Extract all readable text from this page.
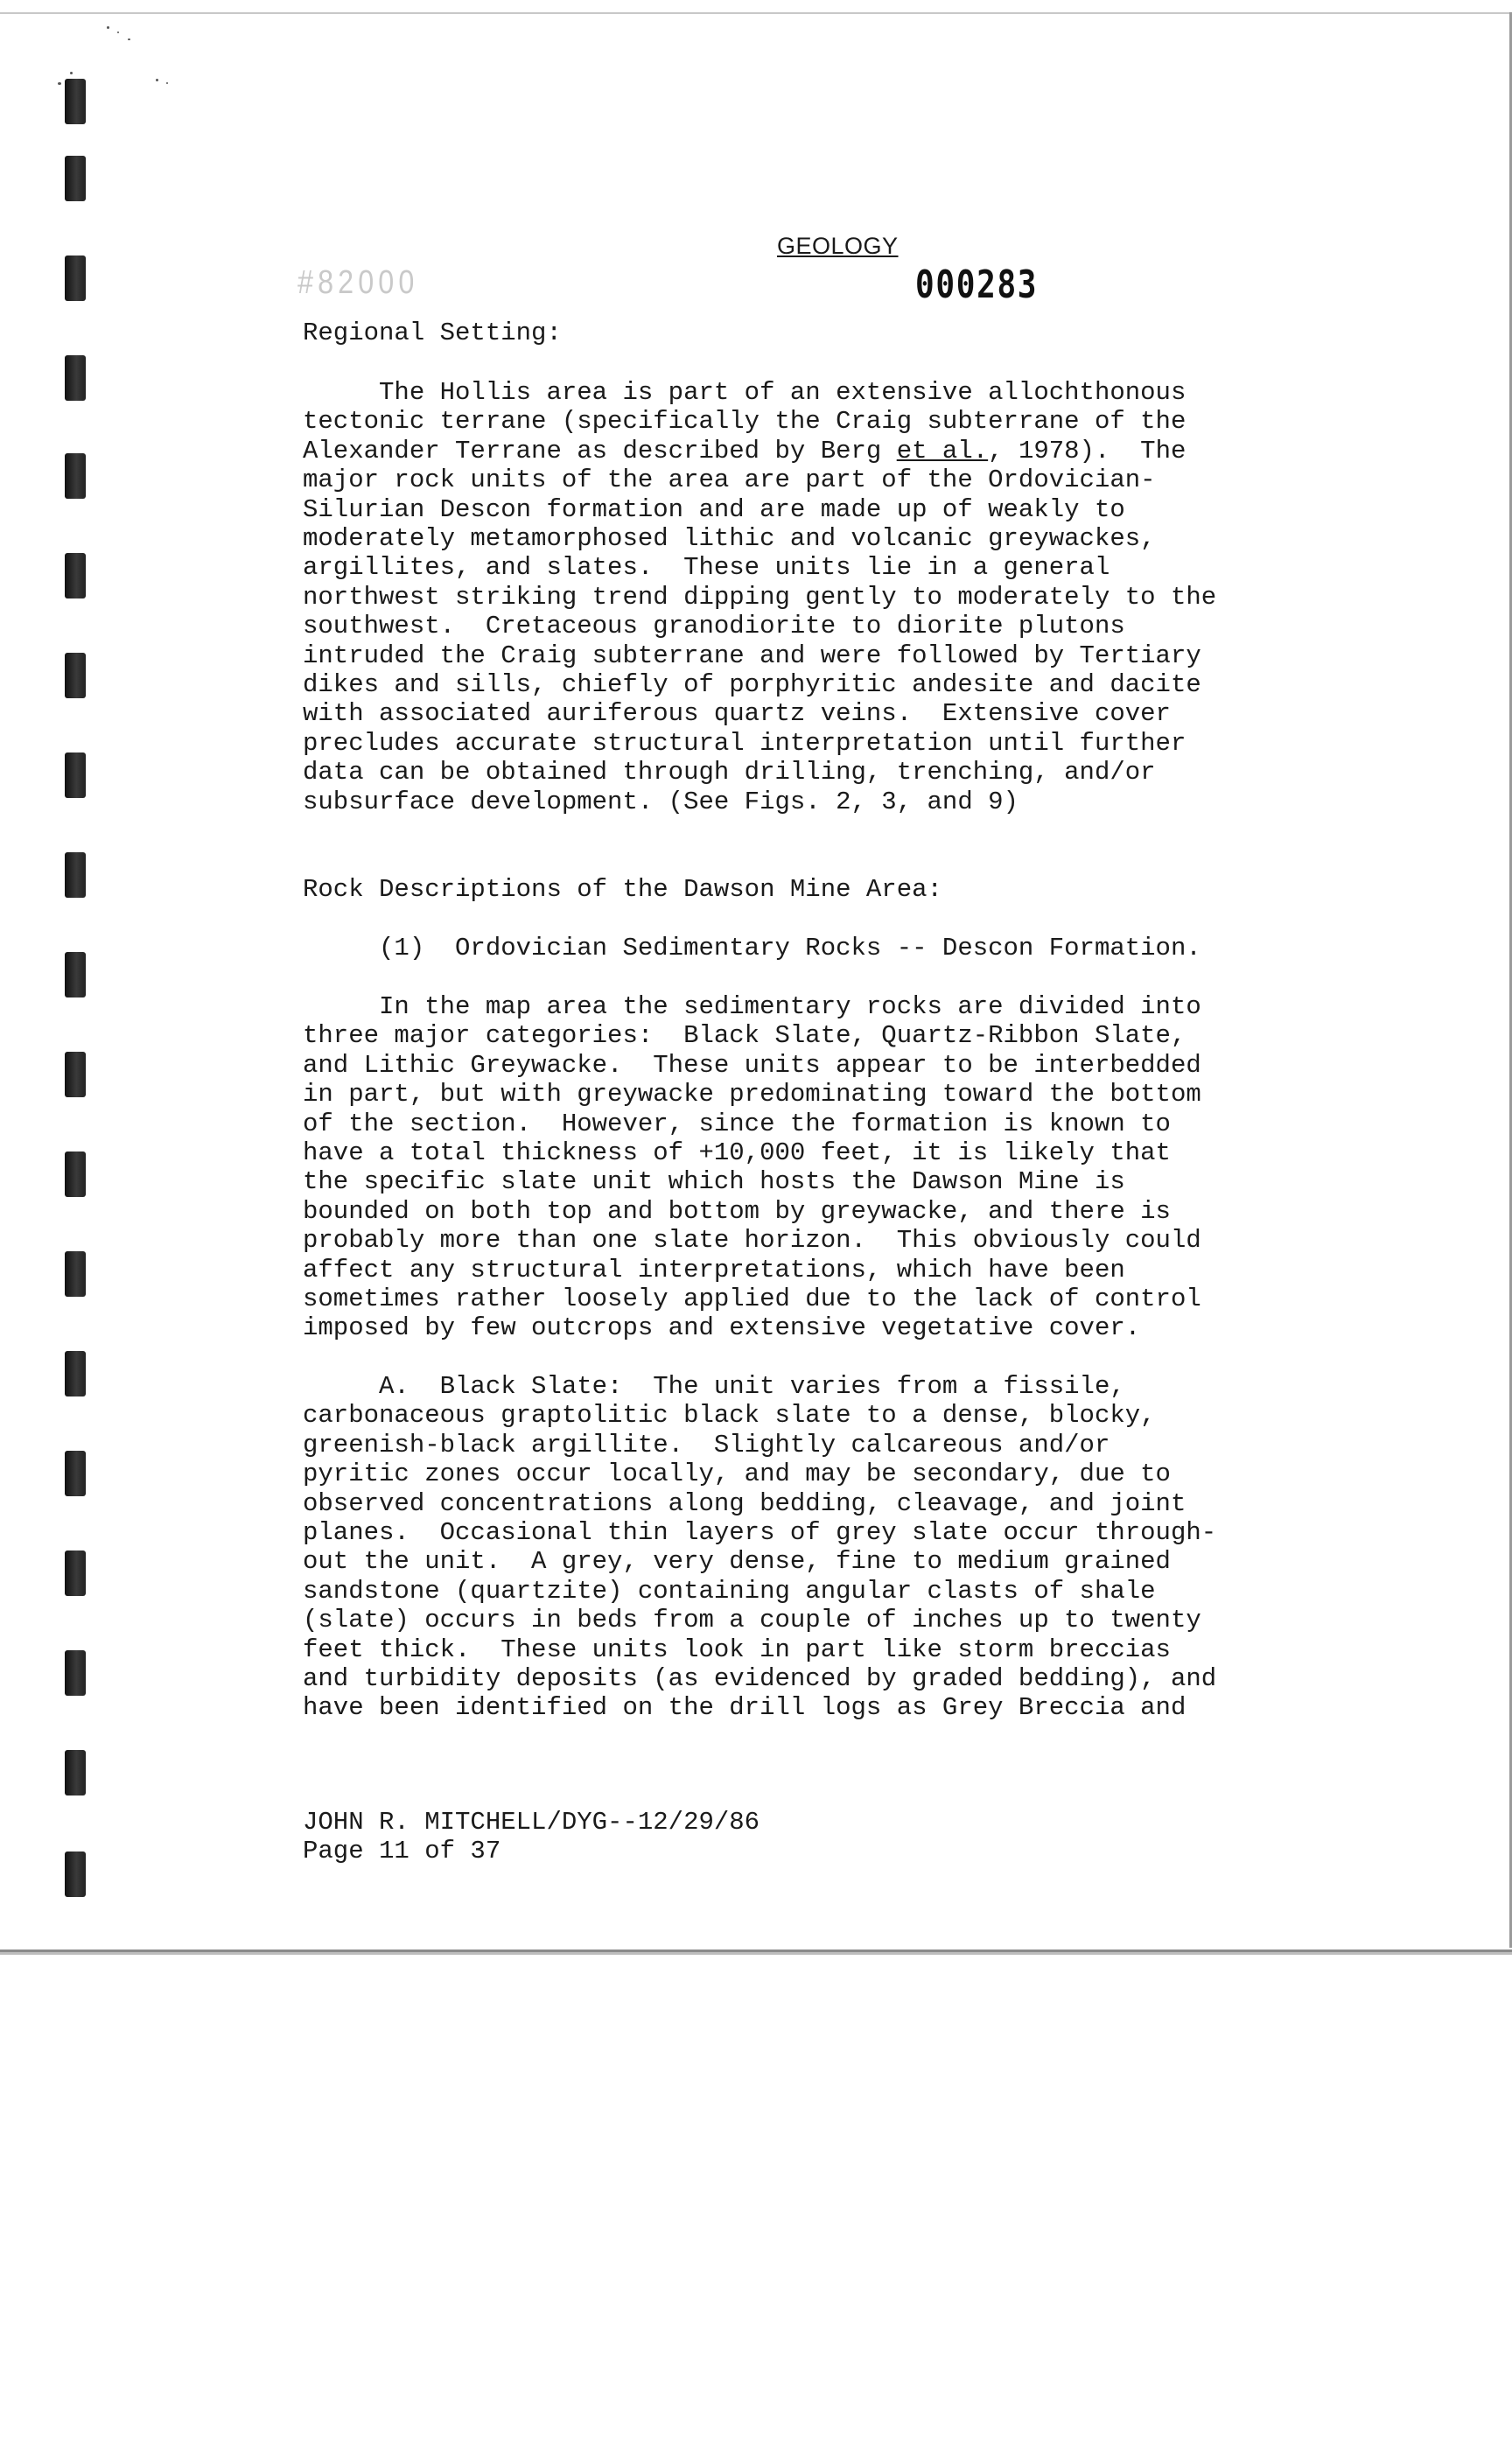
GEOLOGY
#82000	000283
Regional Setting:
The Hollis area is part of an extensive allochthonous
tectonic terrane (specifically the Craig subterrane of the
Alexander Terrane as described by Berg et al., 1978).  The
major rock units of the area are part of the Ordovician-
Silurian Descon formation and are made up of weakly to
moderately metamorphosed lithic and volcanic greywackes,
argillites, and slates.  These units lie in a general
northwest striking trend dipping gently to moderately to the
southwest.  Cretaceous granodiorite to diorite plutons
intruded the Craig subterrane and were followed by Tertiary
dikes and sills, chiefly of porphyritic andesite and dacite
with associated auriferous quartz veins.  Extensive cover
precludes accurate structural interpretation until further
data can be obtained through drilling, trenching, and/or
subsurface development. (See Figs. 2, 3, and 9)
Rock Descriptions of the Dawson Mine Area:
(1)  Ordovician Sedimentary Rocks -- Descon Formation.
In the map area the sedimentary rocks are divided into
three major categories:  Black Slate, Quartz-Ribbon Slate,
and Lithic Greywacke.  These units appear to be interbedded
in part, but with greywacke predominating toward the bottom
of the section.  However, since the formation is known to
have a total thickness of +10,000 feet, it is likely that
the specific slate unit which hosts the Dawson Mine is
bounded on both top and bottom by greywacke, and there is
probably more than one slate horizon.  This obviously could
affect any structural interpretations, which have been
sometimes rather loosely applied due to the lack of control
imposed by few outcrops and extensive vegetative cover.
A.  Black Slate:  The unit varies from a fissile,
carbonaceous graptolitic black slate to a dense, blocky,
greenish-black argillite.  Slightly calcareous and/or
pyritic zones occur locally, and may be secondary, due to
observed concentrations along bedding, cleavage, and joint
planes.  Occasional thin layers of grey slate occur through-
out the unit.  A grey, very dense, fine to medium grained
sandstone (quartzite) containing angular clasts of shale
(slate) occurs in beds from a couple of inches up to twenty
feet thick.  These units look in part like storm breccias
and turbidity deposits (as evidenced by graded bedding), and
have been identified on the drill logs as Grey Breccia and
JOHN R. MITCHELL/DYG--12/29/86
Page 11 of 37
